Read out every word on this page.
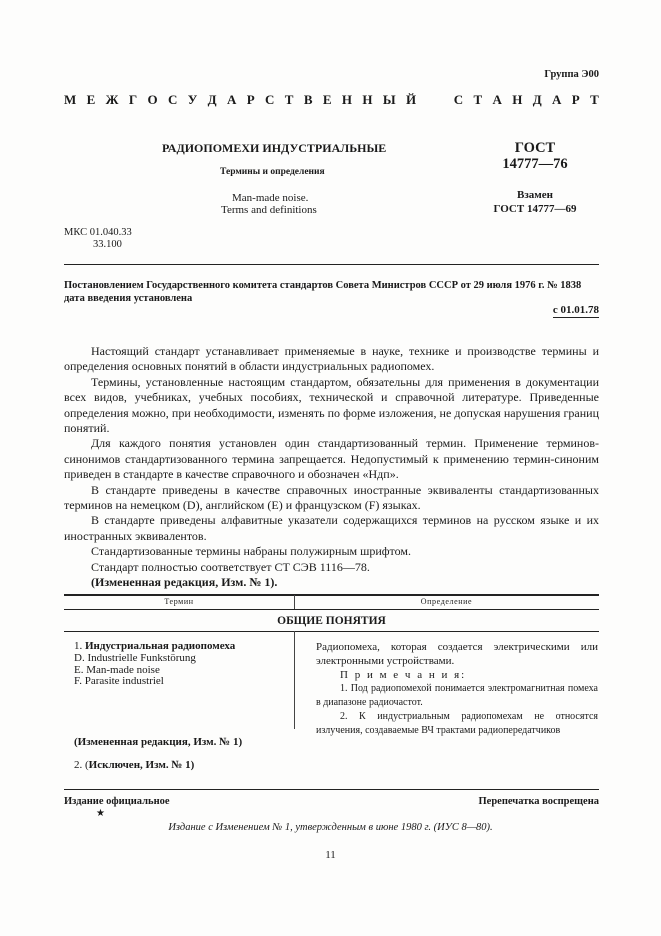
Группа Э00
М Е Ж Г О С У Д А Р С Т В Е Н Н Ы Й

	С Т А Н Д А Р Т
РАДИОПОМЕХИ ИНДУСТРИАЛЬНЫЕ
Термины и определения
Man-made noise.
Terms and definitions
ГОСТ
14777—76
Взамен
ГОСТ 14777—69
МКС 01.040.33
33.100
Постановлением Государственного комитета стандартов Совета Министров СССР от 29 июля 1976 г. № 1838 дата введения установлена
с 01.01.78

Настоящий стандарт устанавливает применяемые в науке, технике и производстве термины и определения основных понятий в области индустриальных радиопомех.

Термины, установленные настоящим стандартом, обязательны для применения в документации всех видов, учебниках, учебных пособиях, технической и справочной литературе. Приведенные определения можно, при необходимости, изменять по форме изложения, не допуская нарушения границ понятий.

Для каждого понятия установлен один стандартизованный термин. Применение терминов-синонимов стандартизованного термина запрещается. Недопустимый к применению термин-синоним приведен в стандарте в качестве справочного и обозначен «Ндп».

В стандарте приведены в качестве справочных иностранные эквиваленты стандартизованных терминов на немецком (D), английском (E) и французском (F) языках.

В стандарте приведены алфавитные указатели содержащихся терминов на русском языке и их иностранных эквивалентов.

Стандартизованные термины набраны полужирным шрифтом.

Стандарт полностью соответствует СТ СЭВ 1116—78.

(Измененная редакция, Изм. № 1).

Термин	Определение
ОБЩИЕ ПОНЯТИЯ
1. Индустриальная радиопомеха
D. Industrielle Funkstörung
E. Man-made noise
F. Parasite industriel
Радиопомеха, которая создается электрическими или электронными устройствами.
П р и м е ч а н и я:
1. Под радиопомехой понимается электромагнитная помеха в диапазоне радиочастот.
2. К индустриальным радиопомехам не относятся излучения, создаваемые ВЧ трактами радиопередатчиков
(Измененная редакция, Изм. № 1)
2. (Исключен, Изм. № 1)
Издание официальное	Перепечатка воспрещена
★
Издание с Изменением № 1, утвержденным в июне 1980 г. (ИУС 8—80).
11
